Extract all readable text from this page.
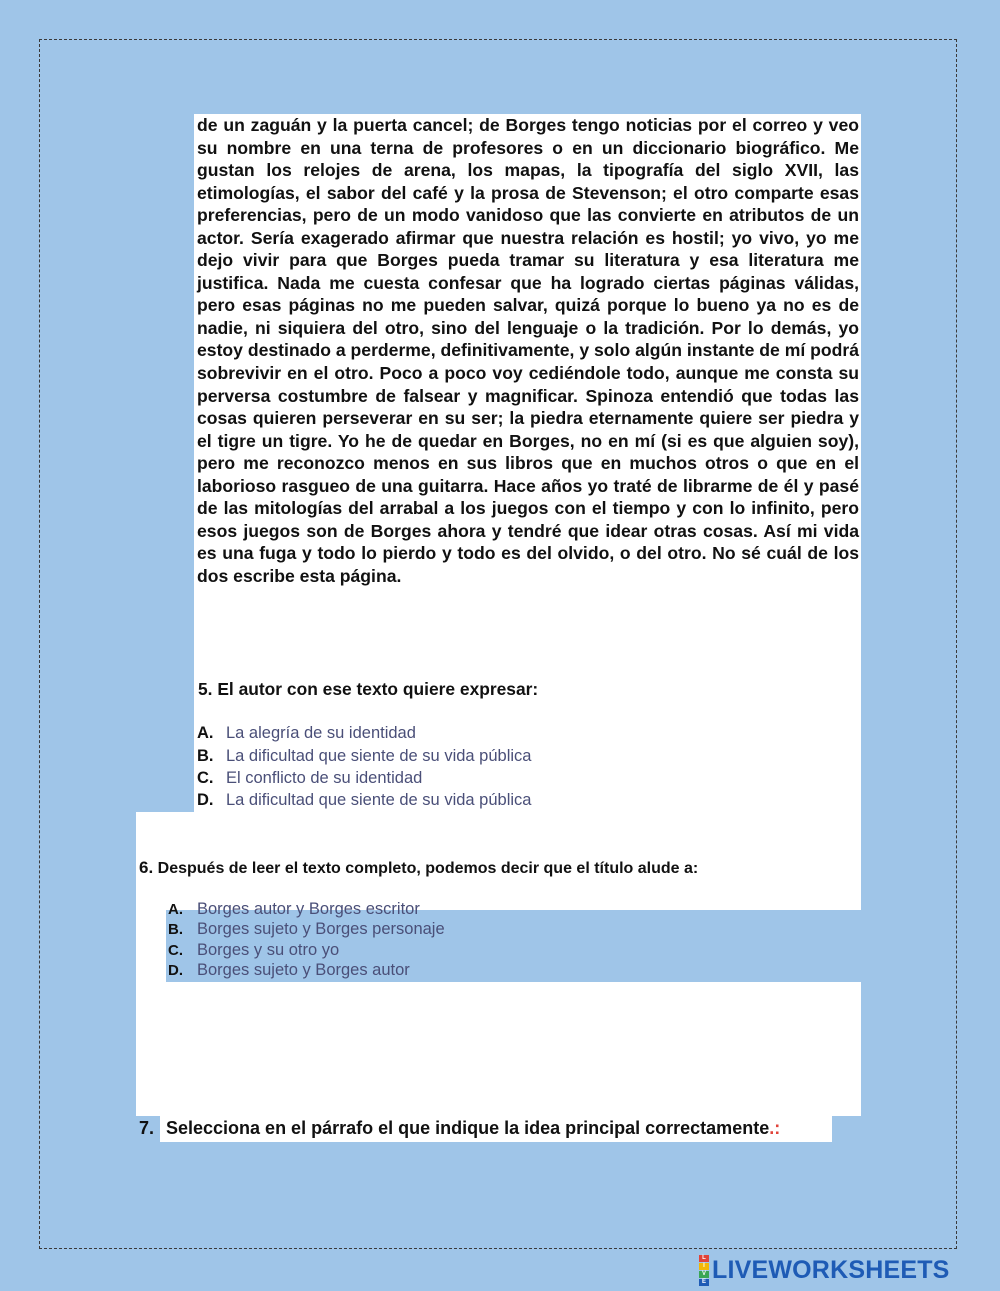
de un zaguán y la puerta cancel; de Borges tengo noticias por el correo y veo su nombre en una terna de profesores o en un diccionario biográfico. Me gustan los relojes de arena, los mapas, la tipografía del siglo XVII, las etimologías, el sabor del café y la prosa de Stevenson; el otro comparte esas preferencias, pero de un modo vanidoso que las convierte en atributos de un actor. Sería exagerado afirmar que nuestra relación es hostil; yo vivo, yo me dejo vivir para que Borges pueda tramar su literatura y esa literatura me justifica. Nada me cuesta confesar que ha logrado ciertas páginas válidas, pero esas páginas no me pueden salvar, quizá porque lo bueno ya no es de nadie, ni siquiera del otro, sino del lenguaje o la tradición. Por lo demás, yo estoy destinado a perderme, definitivamente, y solo algún instante de mí podrá sobrevivir en el otro. Poco a poco voy cediéndole todo, aunque me consta su perversa costumbre de falsear y magnificar. Spinoza entendió que todas las cosas quieren perseverar en su ser; la piedra eternamente quiere ser piedra y el tigre un tigre. Yo he de quedar en Borges, no en mí (si es que alguien soy), pero me reconozco menos en sus libros que en muchos otros o que en el laborioso rasgueo de una guitarra. Hace años yo traté de librarme de él y pasé de las mitologías del arrabal a los juegos con el tiempo y con lo infinito, pero esos juegos son de Borges ahora y tendré que idear otras cosas. Así mi vida es una fuga y todo lo pierdo y todo es del olvido, o del otro. No sé cuál de los dos escribe esta página.
5. El autor con ese texto quiere expresar:
A. La alegría de su identidad
B. La dificultad que siente de su vida pública
C. El conflicto de su identidad
D. La dificultad que siente de su vida pública
6. Después de leer el texto completo, podemos decir que el título alude a:
A. Borges autor y Borges escritor
B. Borges sujeto y Borges personaje
C. Borges y su otro yo
D. Borges sujeto y Borges autor
7. Selecciona en el párrafo el que indique la idea principal correctamente.:
L
I
V
E LIVEWORKSHEETS
